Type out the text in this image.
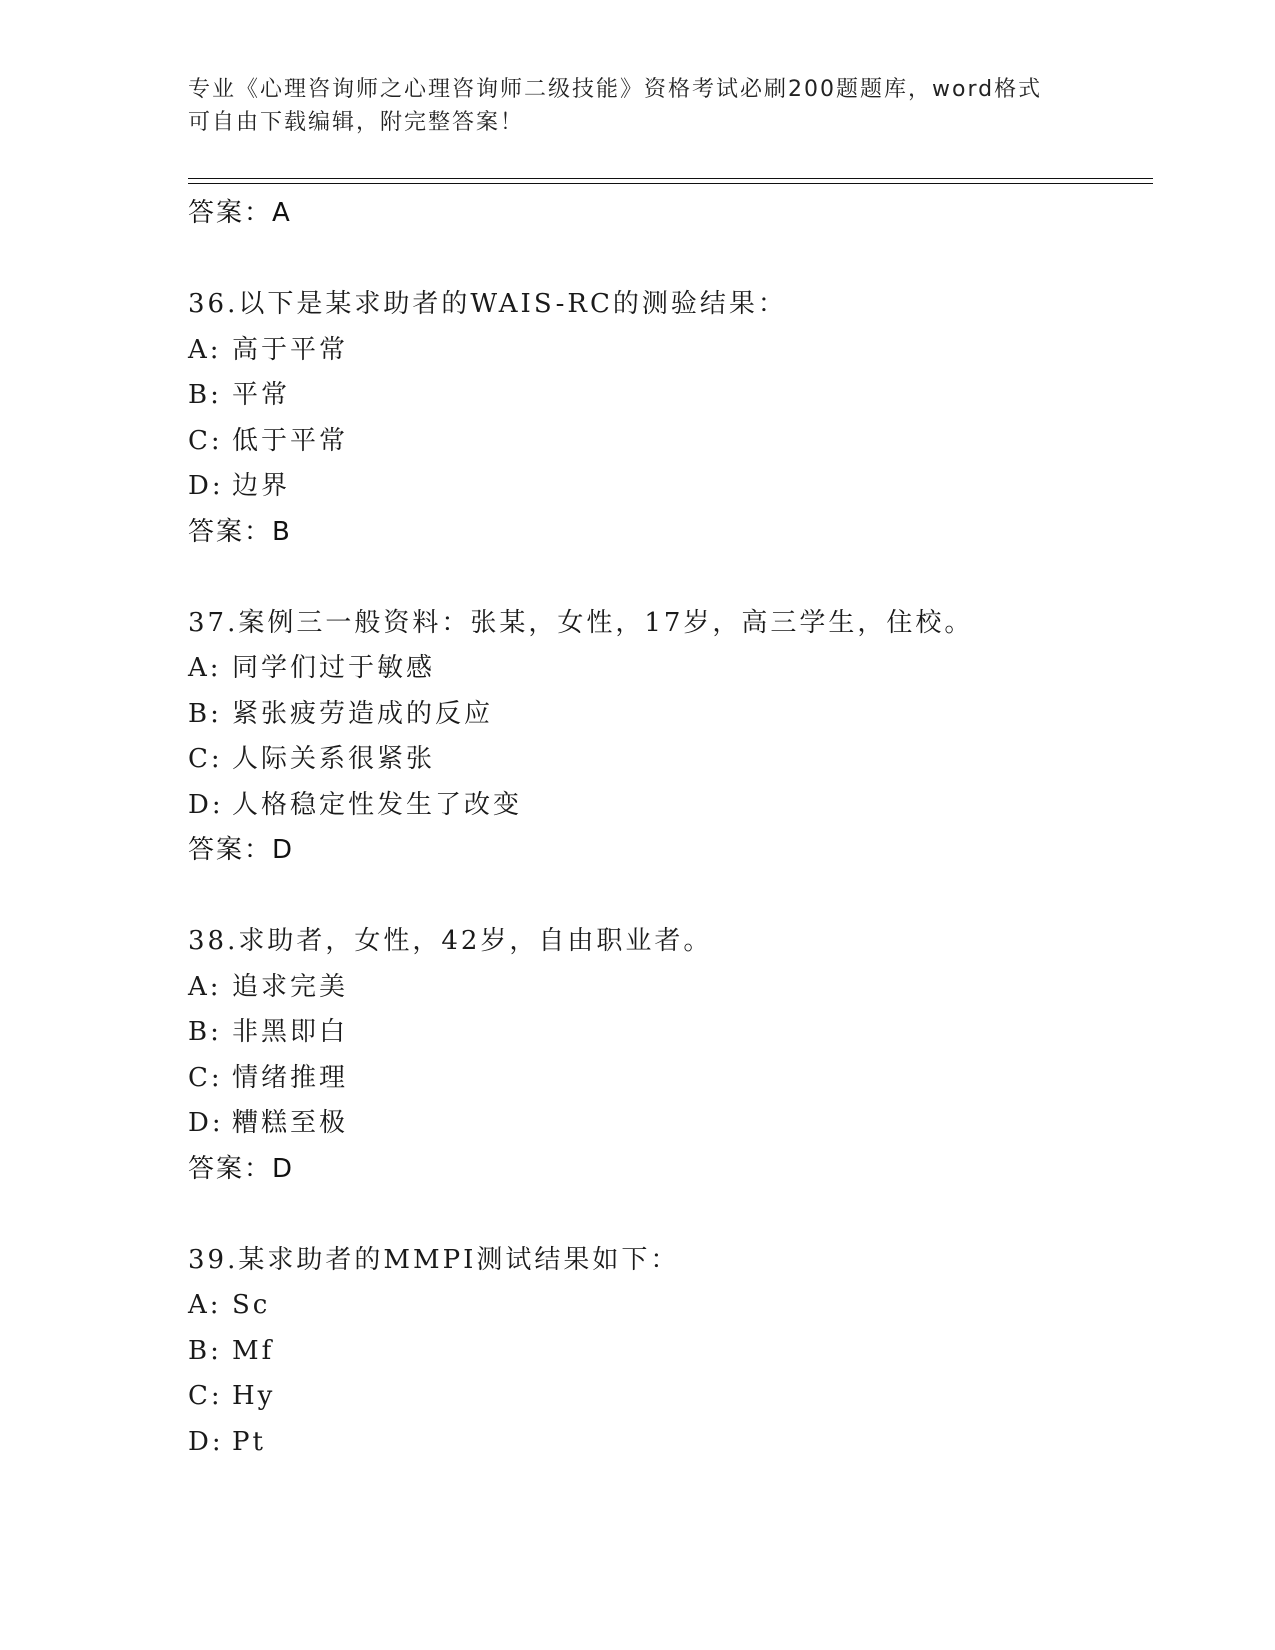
专业《心理咨询师之心理咨询师二级技能》资格考试必刷200题题库，word格式
可自由下载编辑，附完整答案！
答案：A
36.以下是某求助者的WAIS-RC的测验结果：
A: 高于平常
B: 平常
C: 低于平常
D: 边界
答案：B
37.案例三一般资料：张某，女性，17岁，高三学生，住校。
A: 同学们过于敏感
B: 紧张疲劳造成的反应
C: 人际关系很紧张
D: 人格稳定性发生了改变
答案：D
38.求助者，女性，42岁，自由职业者。
A: 追求完美
B: 非黑即白
C: 情绪推理
D: 糟糕至极
答案：D
39.某求助者的MMPI测试结果如下：
A: Sc
B: Mf
C: Hy
D: Pt
